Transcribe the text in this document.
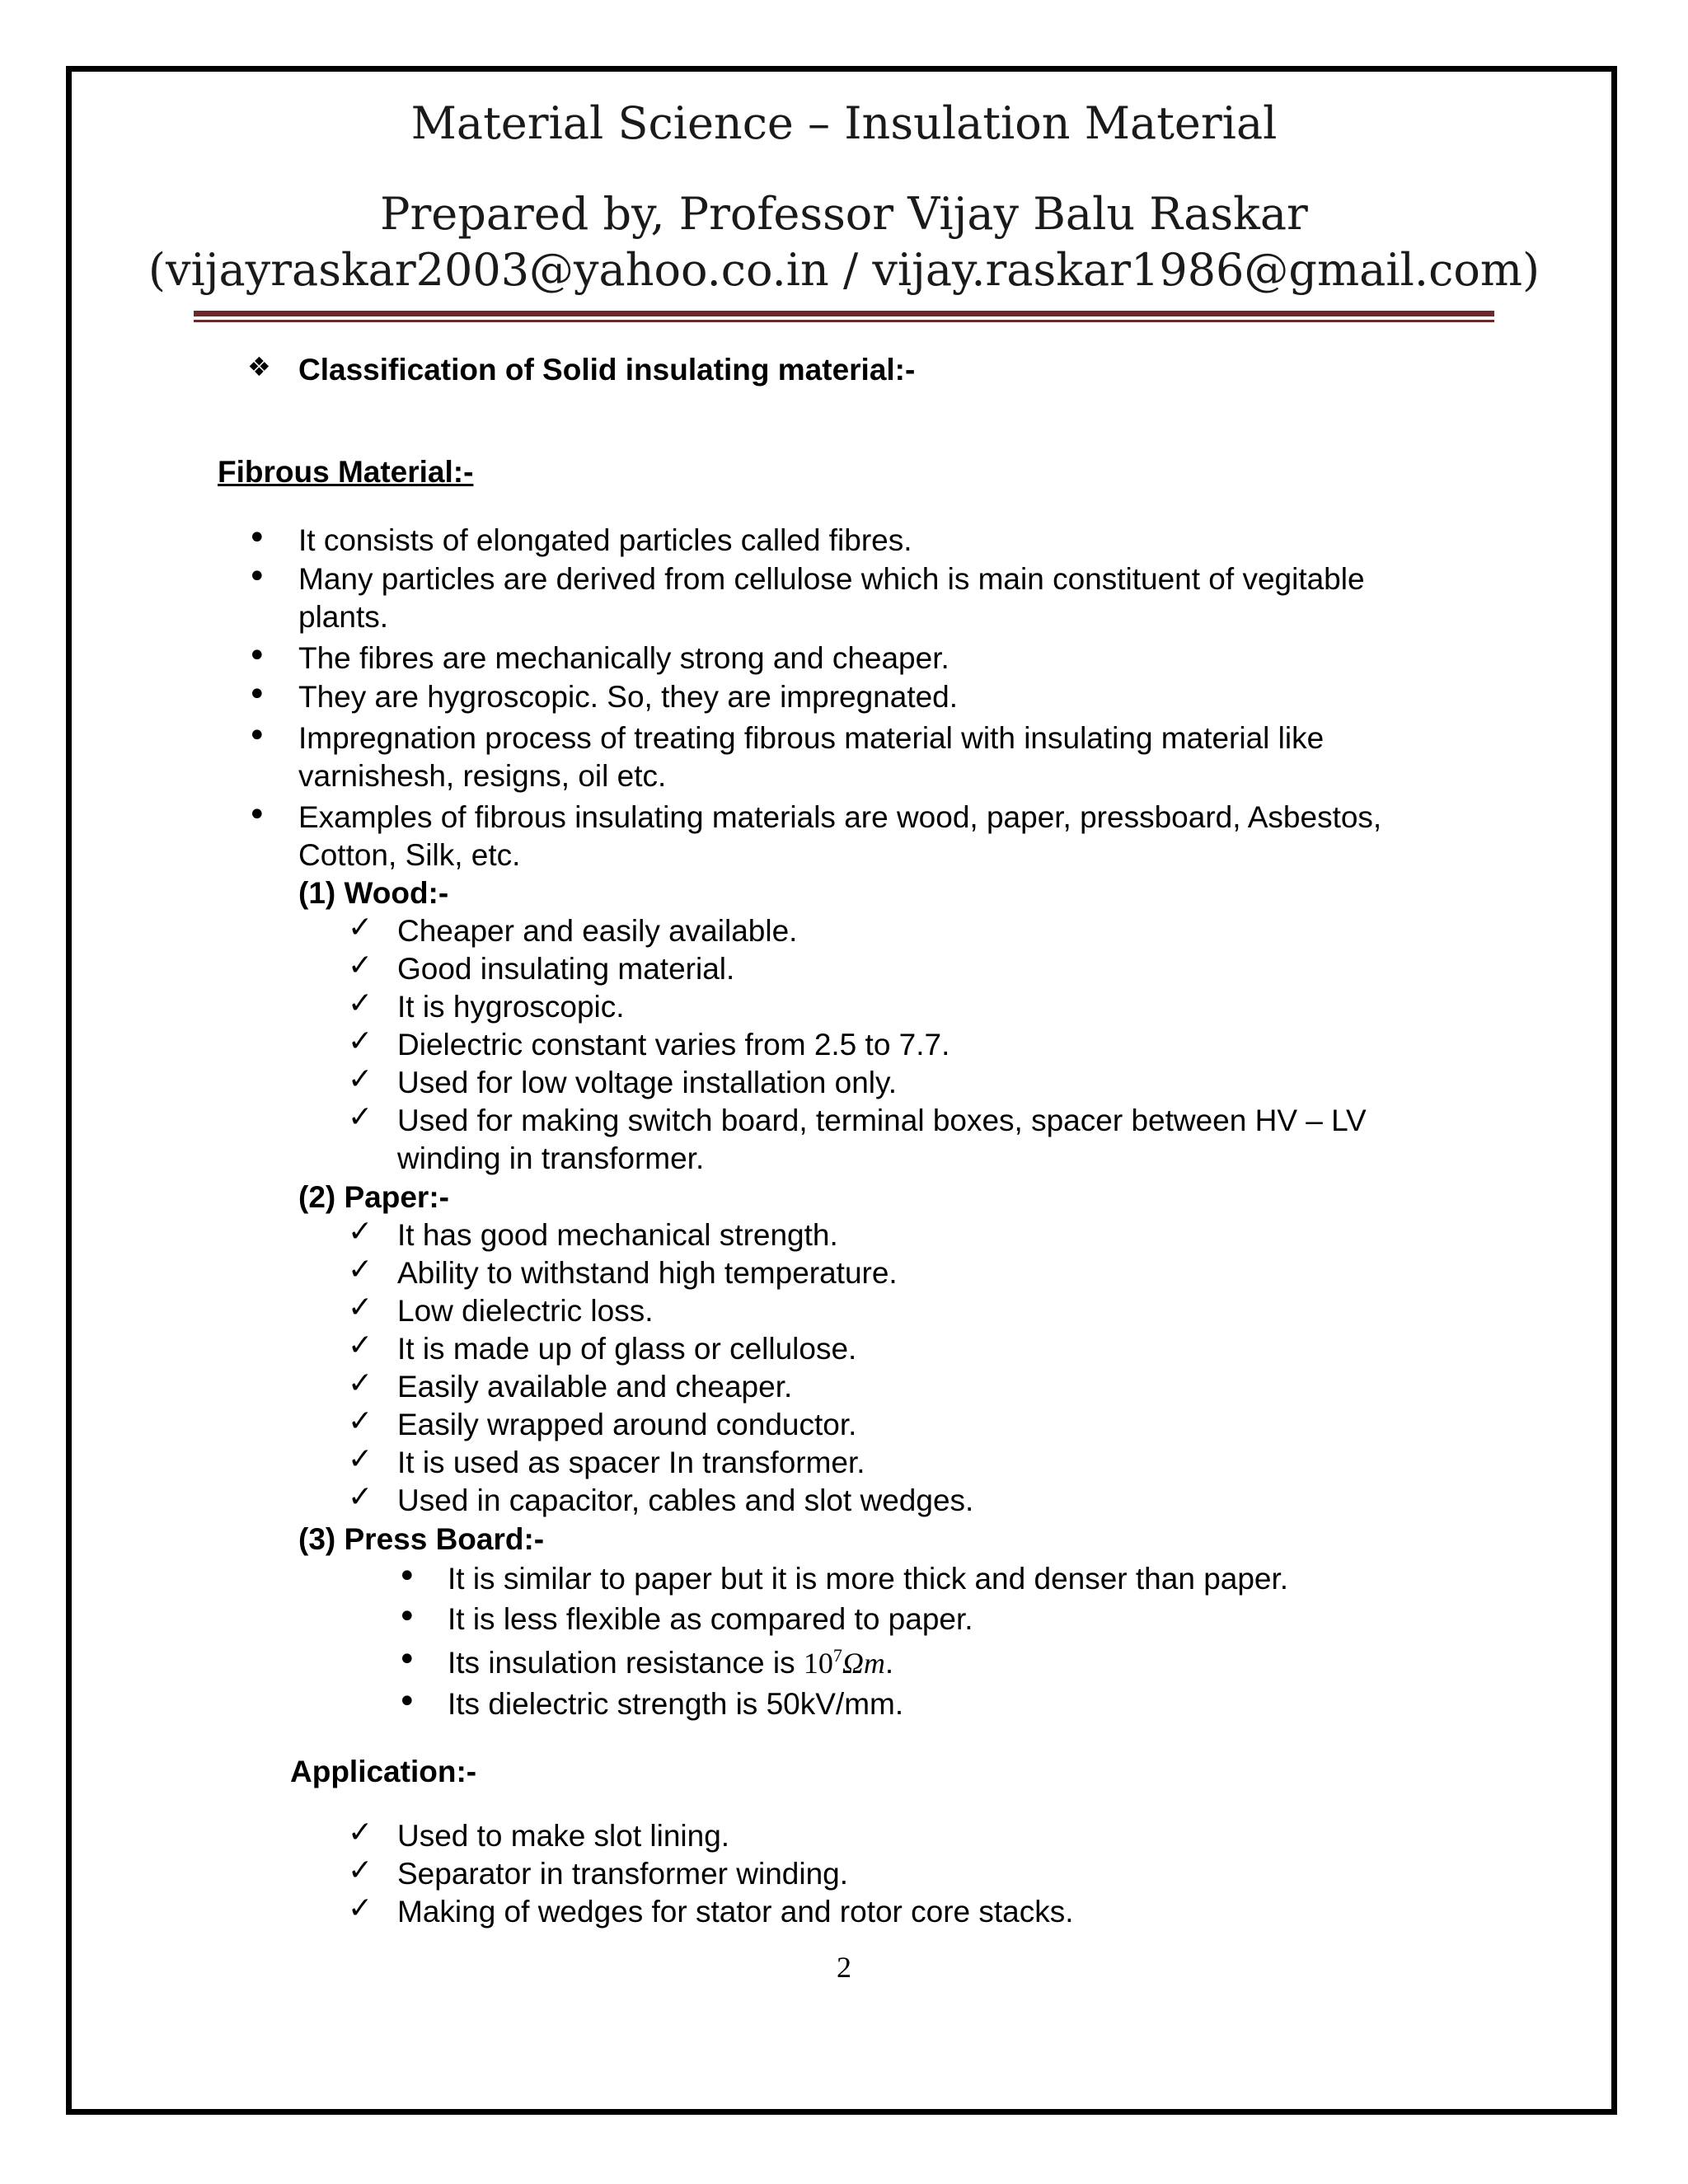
Material Science – Insulation Material
Prepared by, Professor Vijay Balu Raskar
(vijayraskar2003@yahoo.co.in / vijay.raskar1986@gmail.com)
❖ Classification of Solid insulating material:-
Fibrous Material:-
• It consists of elongated particles called fibres.
• Many particles are derived from cellulose which is main constituent of vegitable
plants.
• The fibres are mechanically strong and cheaper.
• They are hygroscopic. So, they are impregnated.
• Impregnation process of treating fibrous material with insulating material like
varnishesh, resigns, oil etc.
• Examples of fibrous insulating materials are wood, paper, pressboard, Asbestos,
Cotton, Silk, etc.
(1) Wood:-
✓ Cheaper and easily available.
✓ Good insulating material.
✓ It is hygroscopic.
✓ Dielectric constant varies from 2.5 to 7.7.
✓ Used for low voltage installation only.
✓ Used for making switch board, terminal boxes, spacer between HV – LV
winding in transformer.
(2) Paper:-
✓ It has good mechanical strength.
✓ Ability to withstand high temperature.
✓ Low dielectric loss.
✓ It is made up of glass or cellulose.
✓ Easily available and cheaper.
✓ Easily wrapped around conductor.
✓ It is used as spacer In transformer.
✓ Used in capacitor, cables and slot wedges.
(3) Press Board:-
• It is similar to paper but it is more thick and denser than paper.
• It is less flexible as compared to paper.
• Its insulation resistance is $10^7\Omega m$.
• Its dielectric strength is 50kV/mm.
Application:-
✓ Used to make slot lining.
✓ Separator in transformer winding.
✓ Making of wedges for stator and rotor core stacks.
2
